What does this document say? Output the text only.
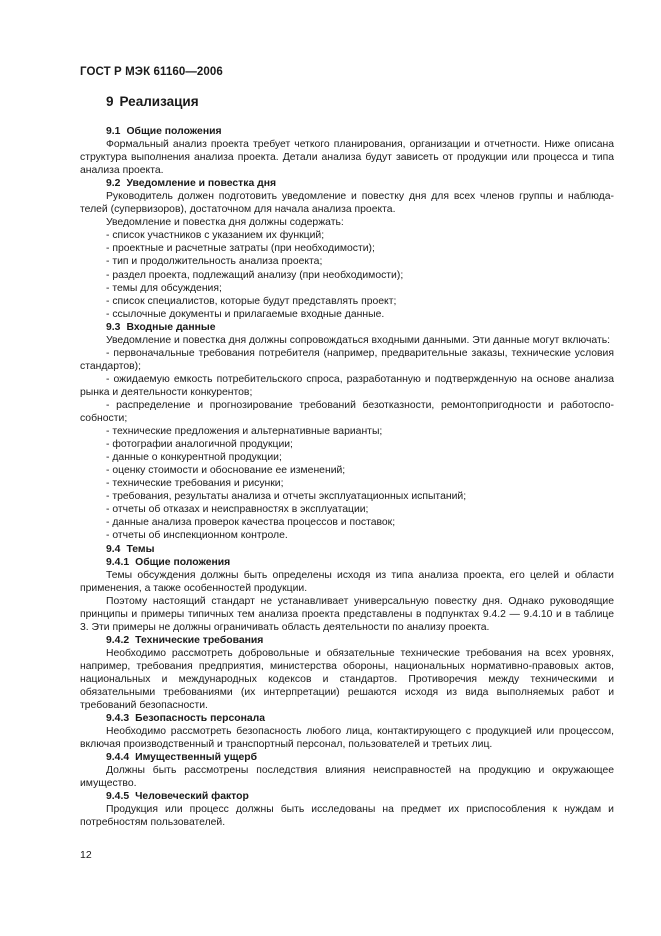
ГОСТ Р МЭК 61160—2006
9 Реализация
9.1 Общие положения

Формальный анализ проекта требует четкого планирования, организации и отчетности. Ниже описана структура выполнения анализа проекта. Детали анализа будут зависеть от продукции или процесса и типа анализа проекта.

9.2 Уведомление и повестка дня

Руководитель должен подготовить уведомление и повестку дня для всех членов группы и наблюдателей (супервизоров), достаточном для начала анализа проекта.

Уведомление и повестка дня должны содержать:

- список участников с указанием их функций;

- проектные и расчетные затраты (при необходимости);

- тип и продолжительность анализа проекта;

- раздел проекта, подлежащий анализу (при необходимости);

- темы для обсуждения;

- список специалистов, которые будут представлять проект;

- ссылочные документы и прилагаемые входные данные.

9.3 Входные данные

Уведомление и повестка дня должны сопровождаться входными данными. Эти данные могут включать:

- первоначальные требования потребителя (например, предварительные заказы, технические условия стандартов);

- ожидаемую емкость потребительского спроса, разработанную и подтвержденную на основе анализа рынка и деятельности конкурентов;

- распределение и прогнозирование требований безотказности, ремонтопригодности и работоспособности;

- технические предложения и альтернативные варианты;

- фотографии аналогичной продукции;

- данные о конкурентной продукции;

- оценку стоимости и обоснование ее изменений;

- технические требования и рисунки;

- требования, результаты анализа и отчеты эксплуатационных испытаний;

- отчеты об отказах и неисправностях в эксплуатации;

- данные анализа проверок качества процессов и поставок;

- отчеты об инспекционном контроле.

9.4 Темы
9.4.1 Общие положения

Темы обсуждения должны быть определены исходя из типа анализа проекта, его целей и области применения, а также особенностей продукции.

Поэтому настоящий стандарт не устанавливает универсальную повестку дня. Однако руководящие принципы и примеры типичных тем анализа проекта представлены в подпунктах 9.4.2 — 9.4.10 и в таблице 3. Эти примеры не должны ограничивать область деятельности по анализу проекта.

9.4.2 Технические требования

Необходимо рассмотреть добровольные и обязательные технические требования на всех уровнях, например, требования предприятия, министерства обороны, национальных нормативно-правовых актов, национальных и международных кодексов и стандартов. Противоречия между техническими и обязательными требованиями (их интерпретации) решаются исходя из вида выполняемых работ и требований безопасности.

9.4.3 Безопасность персонала

Необходимо рассмотреть безопасность любого лица, контактирующего с продукцией или процессом, включая производственный и транспортный персонал, пользователей и третьих лиц.

9.4.4 Имущественный ущерб

Должны быть рассмотрены последствия влияния неисправностей на продукцию и окружающее имущество.

9.4.5 Человеческий фактор

Продукция или процесс должны быть исследованы на предмет их приспособления к нуждам и потребностям пользователей.

12
